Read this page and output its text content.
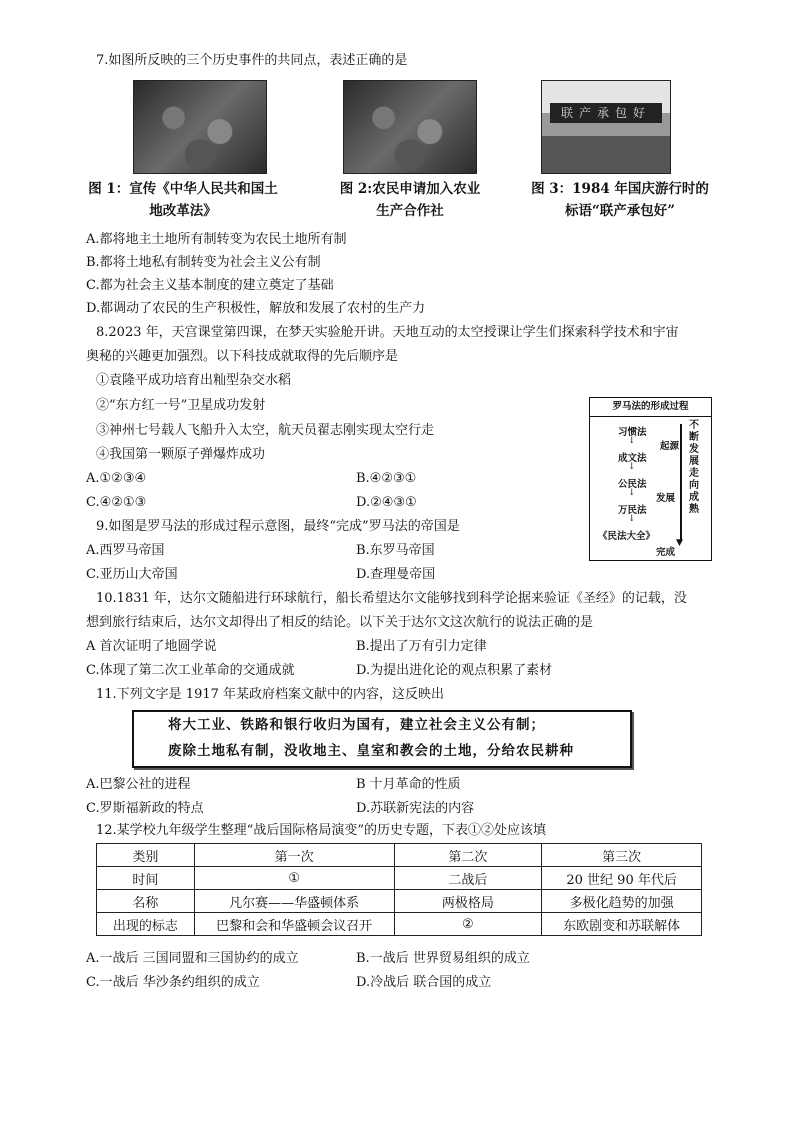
7.如图所反映的三个历史事件的共同点，表述正确的是
联产承包好
图 1：宣传《中华人民共和国土
地改革法》
图 2:农民申请加入农业
生产合作社
图 3：1984 年国庆游行时的
标语“联产承包好”
A.都将地主土地所有制转变为农民土地所有制
B.都将土地私有制转变为社会主义公有制
C.都为社会主义基本制度的建立奠定了基础
D.都调动了农民的生产积极性，解放和发展了农村的生产力
8.2023 年，天宫课堂第四课，在梦天实验舱开讲。天地互动的太空授课让学生们探索科学技术和宇宙
奥秘的兴趣更加强烈。以下科技成就取得的先后顺序是
①袁隆平成功培育出籼型杂交水稻
②“东方红一号”卫星成功发射
③神州七号载人飞船升入太空，航天员翟志刚实现太空行走
④我国第一颗原子弹爆炸成功
A.①②③④	B.④②③①
C.④②①③	D.②④③①
罗马法的形成过程
习惯法
起源
↓
成文法
↓
公民法
发展
↓
万民法
↓
《民法大全》
完成
▼
不断发展走向成熟
9.如图是罗马法的形成过程示意图，最终“完成”罗马法的帝国是
A.西罗马帝国	B.东罗马帝国
C.亚历山大帝国	D.查理曼帝国
10.1831 年，达尔文随船进行环球航行，船长希望达尔文能够找到科学论据来验证《圣经》的记载，没
想到旅行结束后，达尔文却得出了相反的结论。以下关于达尔文这次航行的说法正确的是
A 首次证明了地圆学说	B.提出了万有引力定律
C.体现了第二次工业革命的交通成就	D.为提出进化论的观点积累了素材
11.下列文字是 1917 年某政府档案文献中的内容，这反映出
将大工业、铁路和银行收归为国有，建立社会主义公有制；
废除土地私有制，没收地主、皇室和教会的土地，分给农民耕种
A.巴黎公社的进程	B 十月革命的性质
C.罗斯福新政的特点	D.苏联新宪法的内容
12.某学校九年级学生整理“战后国际格局演变”的历史专题，下表①②处应该填
类别	第一次	第二次	第三次
时间	①	二战后	20 世纪 90 年代后
名称	凡尔赛——华盛顿体系	两极格局	多极化趋势的加强
出现的标志	巴黎和会和华盛顿会议召开	②	东欧剧变和苏联解体
A.一战后 三国同盟和三国协约的成立	B.一战后 世界贸易组织的成立
C.一战后 华沙条约组织的成立	D.冷战后 联合国的成立
